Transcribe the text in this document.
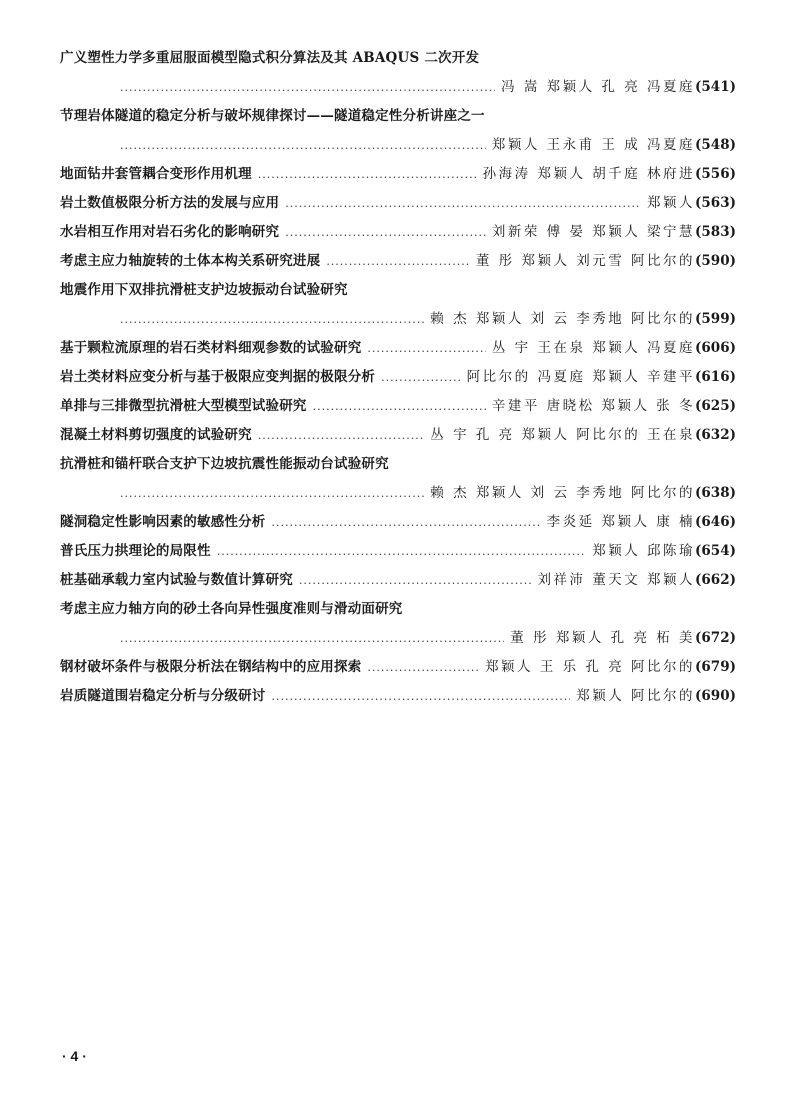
广义塑性力学多重屈服面模型隐式积分算法及其 ABAQUS 二次开发
.....
冯 嵩 郑颖人 孔 亮 冯夏庭 (541)
节理岩体隧道的稳定分析与破坏规律探讨——隧道稳定性分析讲座之一
.....
郑颖人 王永甫 王 成 冯夏庭 (548)
地面钻井套管耦合变形作用机理 .....	孙海涛 郑颖人 胡千庭 林府进 (556)
岩土数值极限分析方法的发展与应用 .....	郑颖人 (563)
水岩相互作用对岩石劣化的影响研究 .....	刘新荣 傅 晏 郑颖人 梁宁慧 (583)
考虑主应力轴旋转的土体本构关系研究进展 .....	董 彤 郑颖人 刘元雪 阿比尔的 (590)
地震作用下双排抗滑桩支护边坡振动台试验研究
.....
赖 杰 郑颖人 刘 云 李秀地 阿比尔的 (599)
基于颗粒流原理的岩石类材料细观参数的试验研究 .....	丛 宇 王在泉 郑颖人 冯夏庭 (606)
岩土类材料应变分析与基于极限应变判据的极限分析 .....	阿比尔的 冯夏庭 郑颖人 辛建平 (616)
单排与三排微型抗滑桩大型模型试验研究 .....	辛建平 唐晓松 郑颖人 张 冬 (625)
混凝土材料剪切强度的试验研究 .....	丛 宇 孔 亮 郑颖人 阿比尔的 王在泉 (632)
抗滑桩和锚杆联合支护下边坡抗震性能振动台试验研究
.....
赖 杰 郑颖人 刘 云 李秀地 阿比尔的 (638)
隧洞稳定性影响因素的敏感性分析 .....	李炎延 郑颖人 康 楠 (646)
普氏压力拱理论的局限性 .....	郑颖人 邱陈瑜 (654)
桩基础承载力室内试验与数值计算研究 .....	刘祥沛 董天文 郑颖人 (662)
考虑主应力轴方向的砂土各向异性强度准则与滑动面研究
.....
董 彤 郑颖人 孔 亮 柘 美 (672)
钢材破坏条件与极限分析法在钢结构中的应用探索 .....	郑颖人 王 乐 孔 亮 阿比尔的 (679)
岩质隧道围岩稳定分析与分级研讨 .....	郑颖人 阿比尔的 (690)
· 4 ·
